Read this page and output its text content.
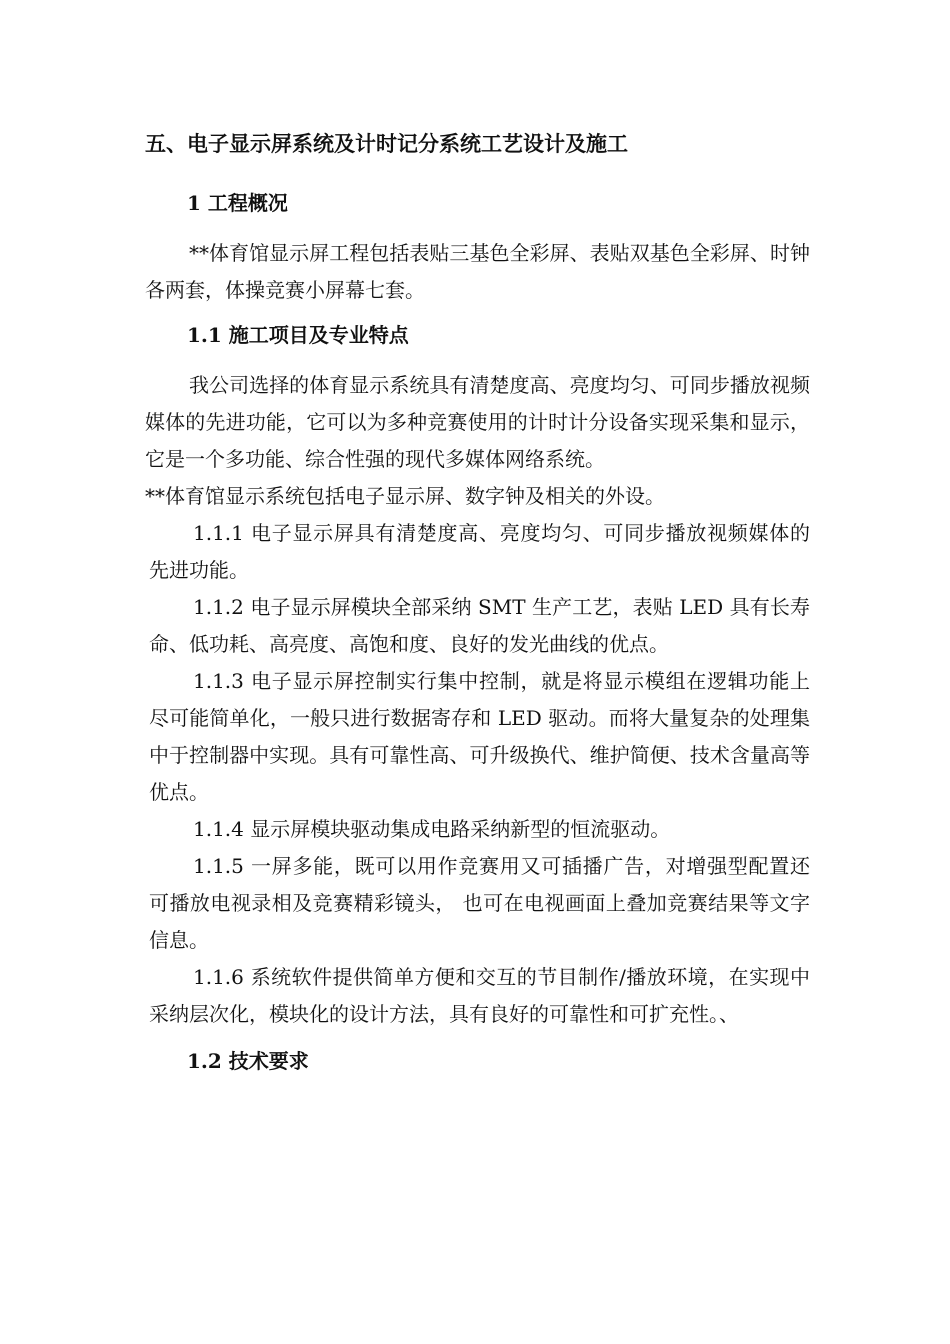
五、电子显示屏系统及计时记分系统工艺设计及施工
1 工程概况
**体育馆显示屏工程包括表贴三基色全彩屏、表贴双基色全彩屏、时钟各两套，体操竞赛小屏幕七套。
1.1 施工项目及专业特点
我公司选择的体育显示系统具有清楚度高、亮度均匀、可同步播放视频媒体的先进功能，它可以为多种竞赛使用的计时计分设备实现采集和显示，它是一个多功能、综合性强的现代多媒体网络系统。
**体育馆显示系统包括电子显示屏、数字钟及相关的外设。
1.1.1 电子显示屏具有清楚度高、亮度均匀、可同步播放视频媒体的先进功能。
1.1.2 电子显示屏模块全部采纳 SMT 生产工艺，表贴 LED 具有长寿命、低功耗、高亮度、高饱和度、良好的发光曲线的优点。
1.1.3 电子显示屏控制实行集中控制，就是将显示模组在逻辑功能上尽可能简单化，一般只进行数据寄存和 LED 驱动。而将大量复杂的处理集中于控制器中实现。具有可靠性高、可升级换代、维护简便、技术含量高等优点。
1.1.4 显示屏模块驱动集成电路采纳新型的恒流驱动。
1.1.5 一屏多能，既可以用作竞赛用又可插播广告，对增强型配置还可播放电视录相及竞赛精彩镜头， 也可在电视画面上叠加竞赛结果等文字信息。
1.1.6 系统软件提供简单方便和交互的节目制作/播放环境，在实现中采纳层次化，模块化的设计方法，具有良好的可靠性和可扩充性。、
1.2 技术要求
